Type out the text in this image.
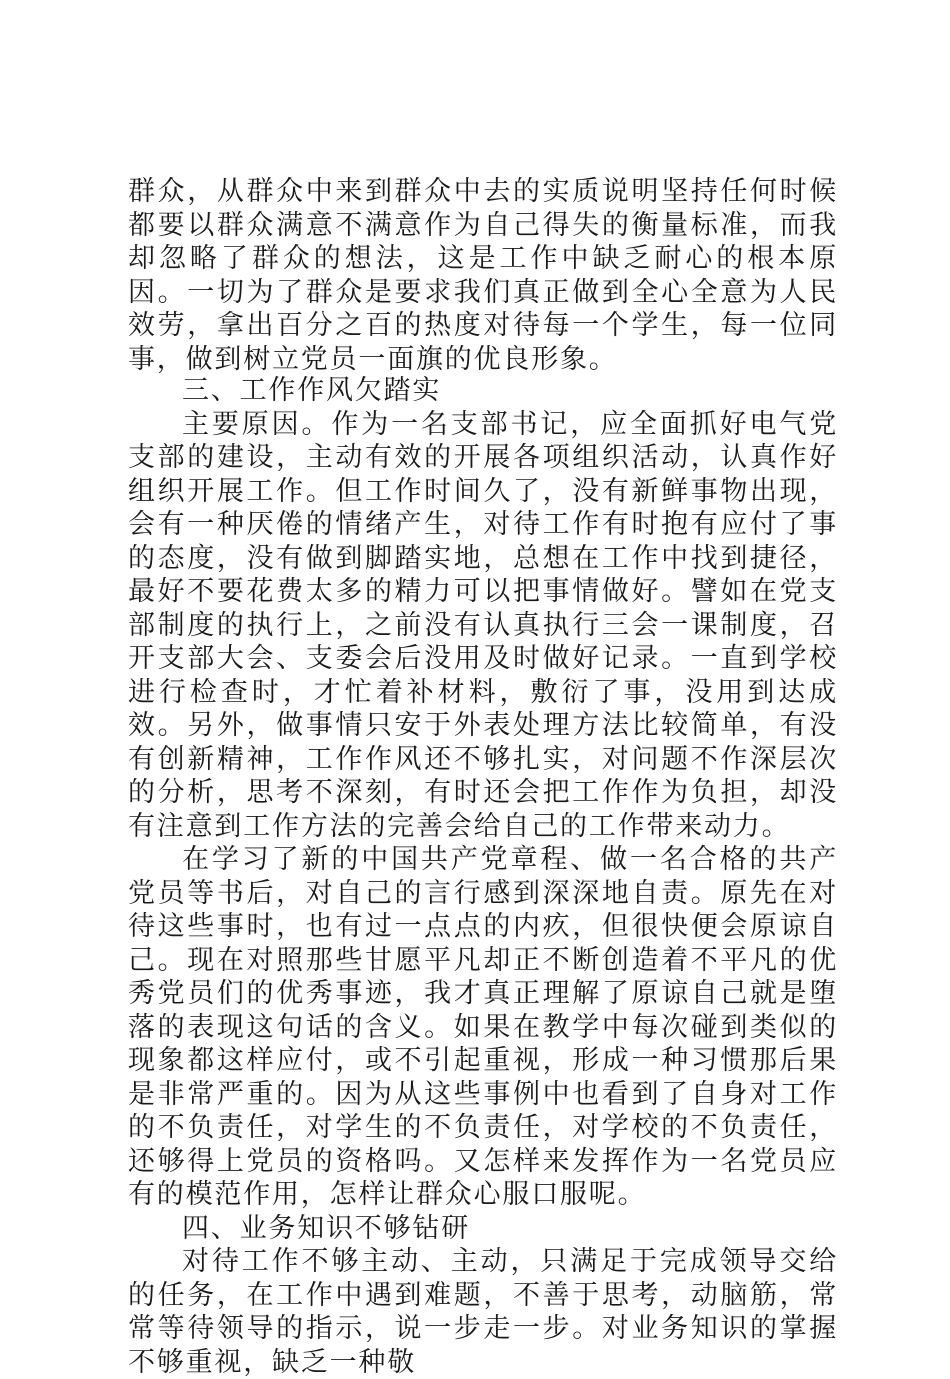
群众，从群众中来到群众中去的实质说明坚持任何时候都要以群众满意不满意作为自己得失的衡量标准，而我却忽略了群众的想法，这是工作中缺乏耐心的根本原因。一切为了群众是要求我们真正做到全心全意为人民效劳，拿出百分之百的热度对待每一个学生，每一位同事，做到树立党员一面旗的优良形象。

三、工作作风欠踏实

主要原因。作为一名支部书记，应全面抓好电气党支部的建设，主动有效的开展各项组织活动，认真作好组织开展工作。但工作时间久了，没有新鲜事物出现，会有一种厌倦的情绪产生，对待工作有时抱有应付了事的态度，没有做到脚踏实地，总想在工作中找到捷径，最好不要花费太多的精力可以把事情做好。譬如在党支部制度的执行上，之前没有认真执行三会一课制度，召开支部大会、支委会后没用及时做好记录。一直到学校进行检查时，才忙着补材料，敷衍了事，没用到达成效。另外，做事情只安于外表处理方法比较简单，有没有创新精神，工作作风还不够扎实，对问题不作深层次的分析，思考不深刻，有时还会把工作作为负担，却没有注意到工作方法的完善会给自己的工作带来动力。

在学习了新的中国共产党章程、做一名合格的共产党员等书后，对自己的言行感到深深地自责。原先在对待这些事时，也有过一点点的内疚，但很快便会原谅自己。现在对照那些甘愿平凡却正不断创造着不平凡的优秀党员们的优秀事迹，我才真正理解了原谅自己就是堕落的表现这句话的含义。如果在教学中每次碰到类似的现象都这样应付，或不引起重视，形成一种习惯那后果是非常严重的。因为从这些事例中也看到了自身对工作的不负责任，对学生的不负责任，对学校的不负责任，还够得上党员的资格吗。又怎样来发挥作为一名党员应有的模范作用，怎样让群众心服口服呢。

四、业务知识不够钻研

对待工作不够主动、主动，只满足于完成领导交给的任务，在工作中遇到难题，不善于思考，动脑筋，常常等待领导的指示，说一步走一步。对业务知识的掌握不够重视，缺乏一种敬
